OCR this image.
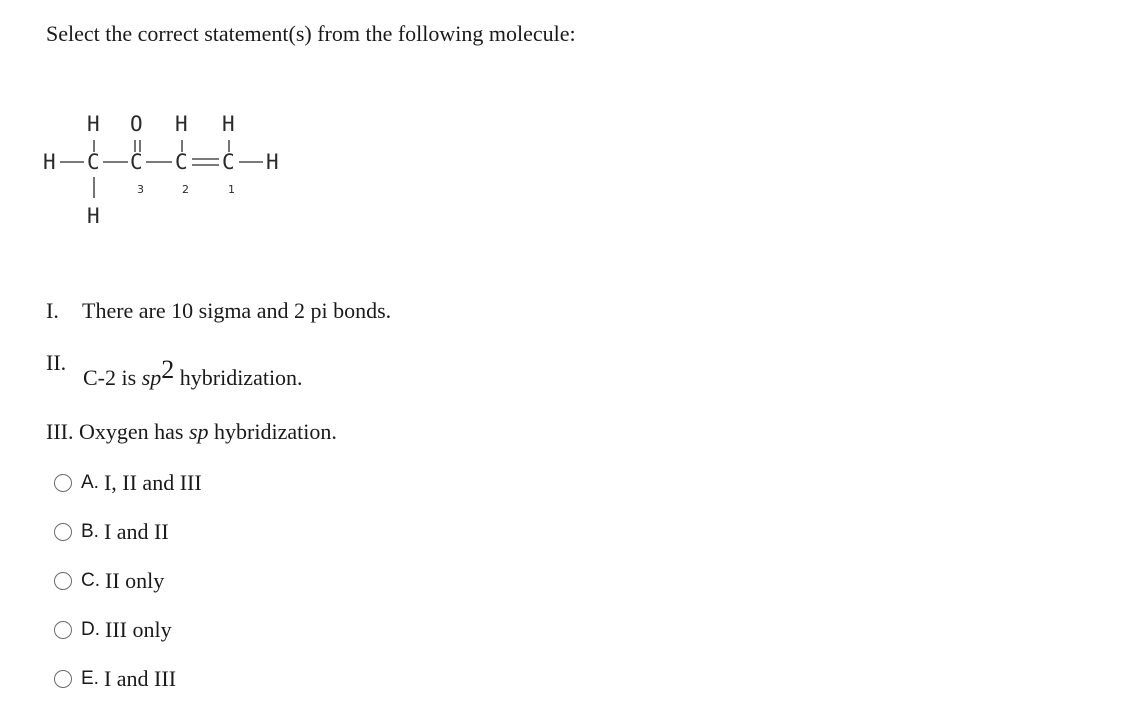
Select the correct statement(s) from the following molecule:
H O H H
H C C C C H
3	2	1
H
I. There are 10 sigma and 2 pi bonds.
II.
C-2 is $sp^2$ hybridization.
III. Oxygen has sp hybridization.
A. I, II and III
B. I and II
C. II only
D. III only
E. I and III
